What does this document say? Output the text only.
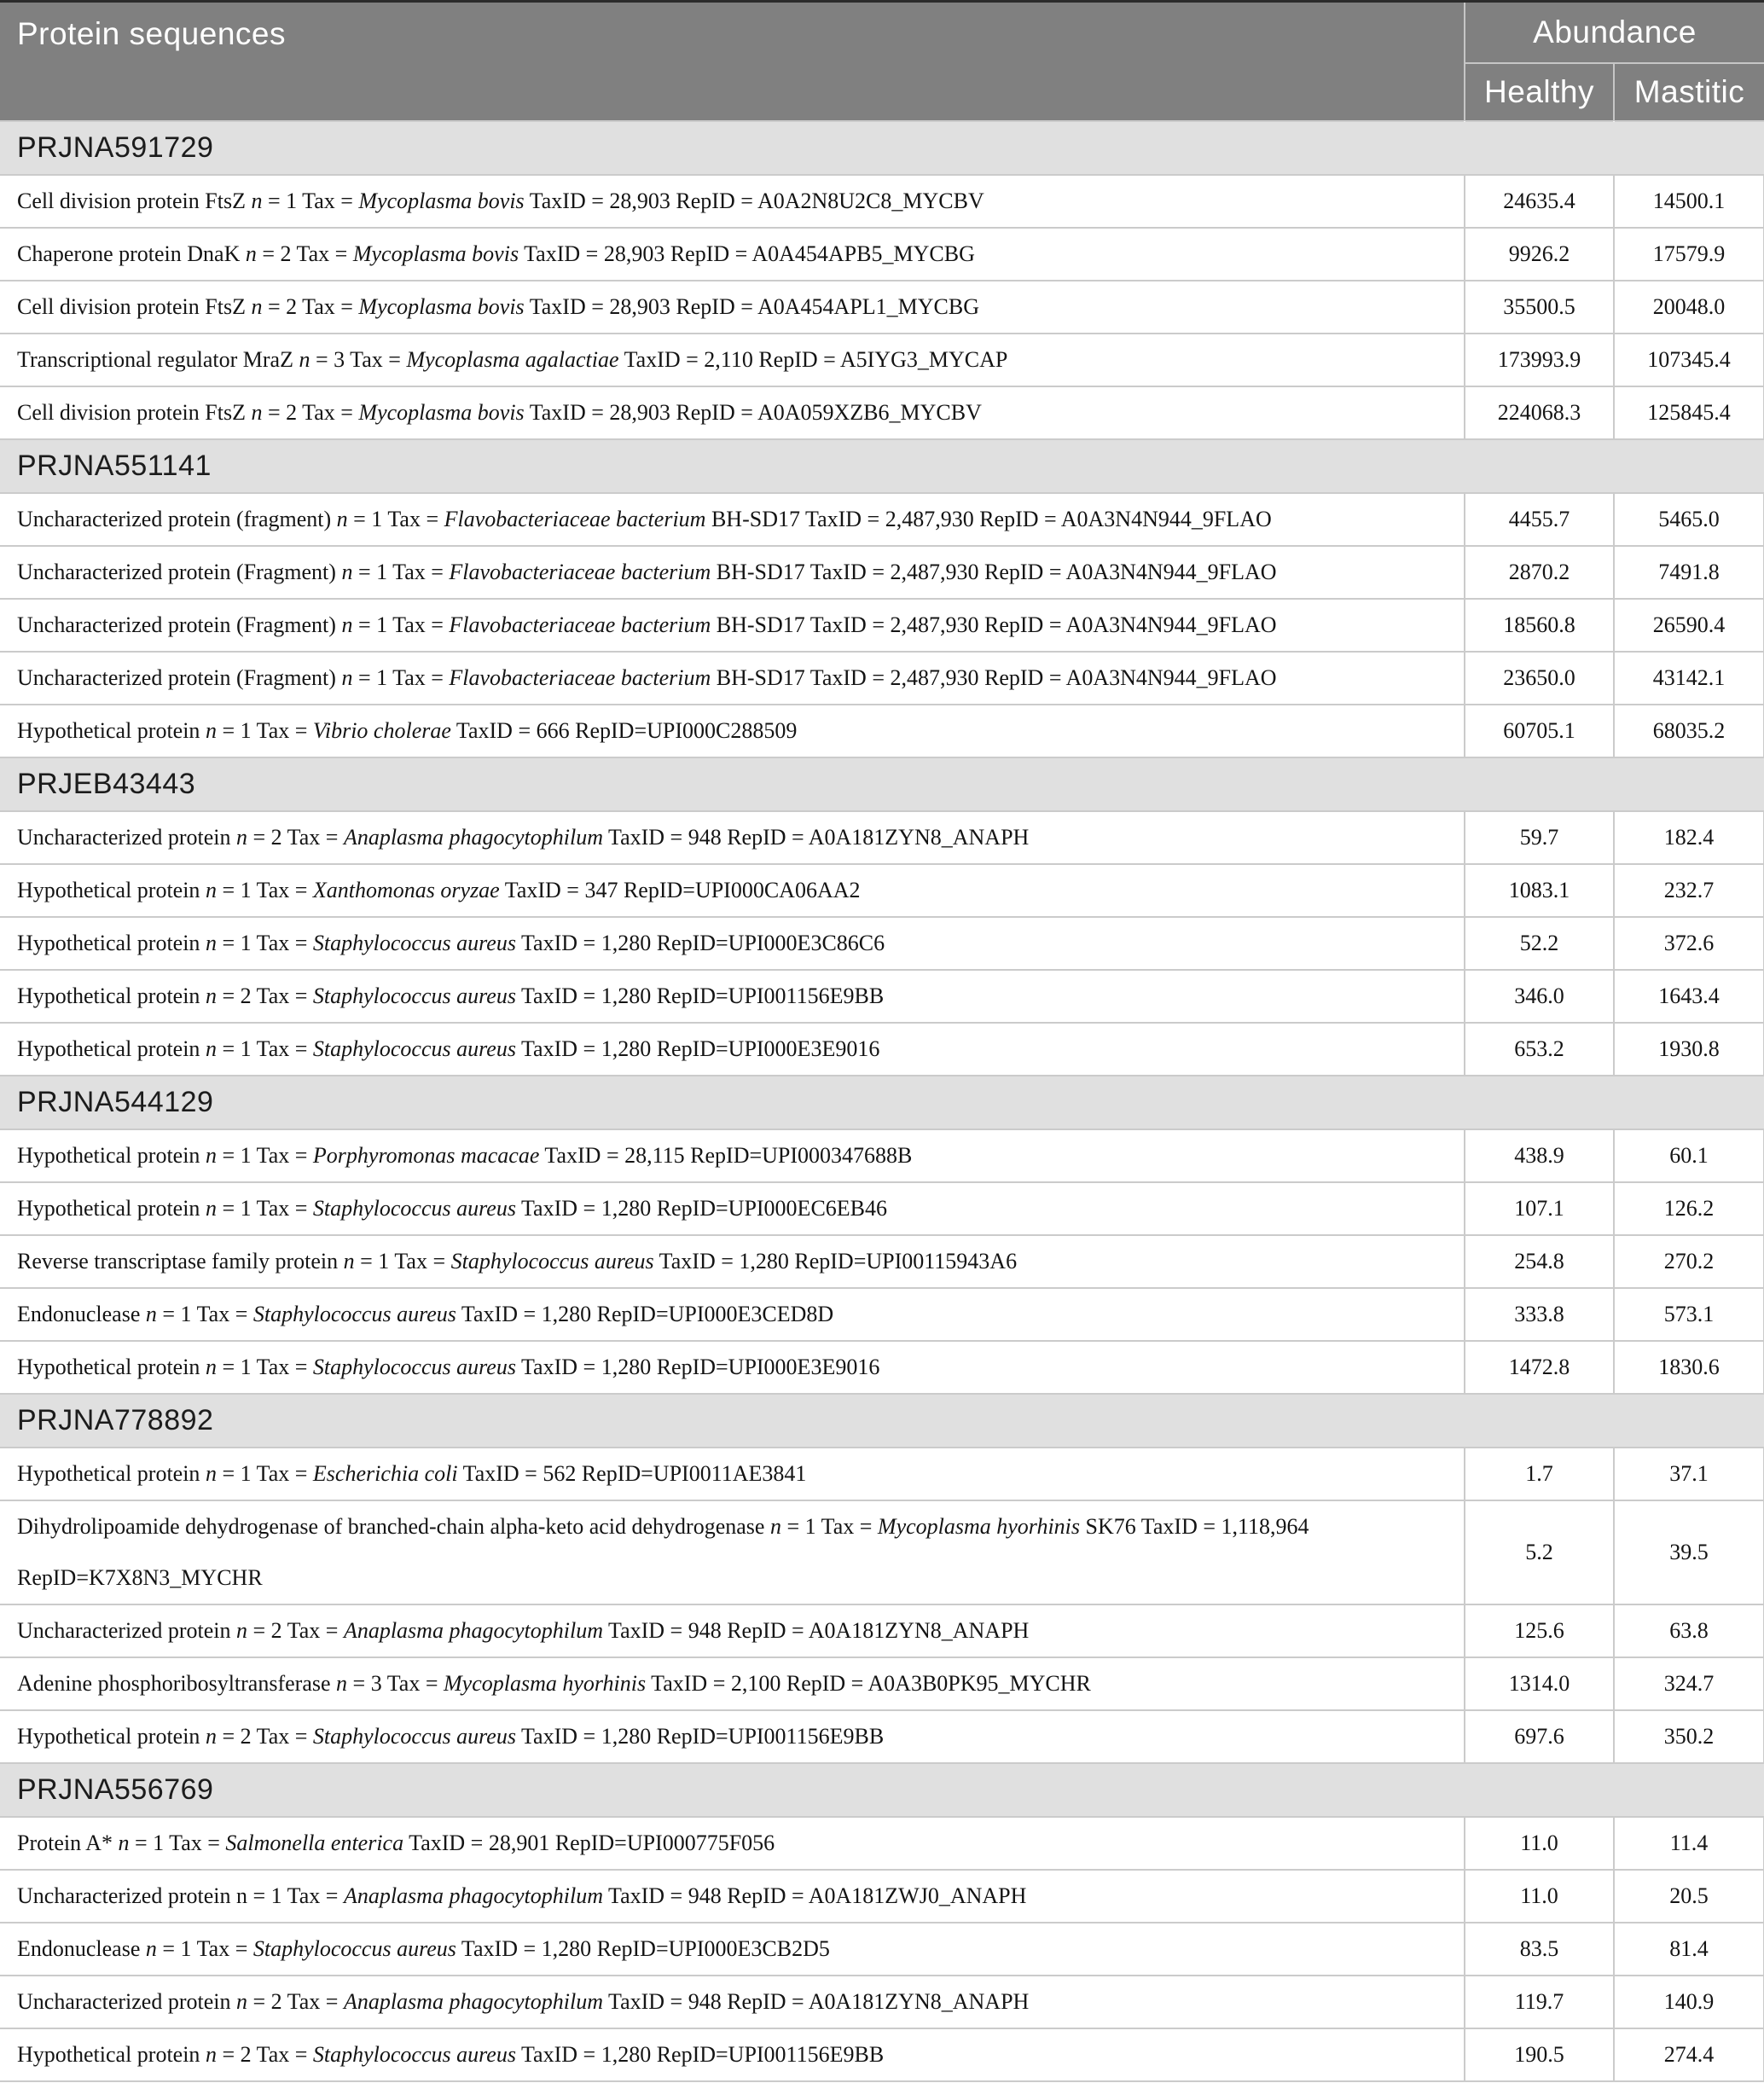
Protein sequences	Abundance	
	Healthy	Mastitic
PRJNA591729		
Cell division protein FtsZ n = 1 Tax = Mycoplasma bovis TaxID = 28,903 RepID = A0A2N8U2C8_MYCBV	24635.4	14500.1
Chaperone protein DnaK n = 2 Tax = Mycoplasma bovis TaxID = 28,903 RepID = A0A454APB5_MYCBG	9926.2	17579.9
Cell division protein FtsZ n = 2 Tax = Mycoplasma bovis TaxID = 28,903 RepID = A0A454APL1_MYCBG	35500.5	20048.0
Transcriptional regulator MraZ n = 3 Tax = Mycoplasma agalactiae TaxID = 2,110 RepID = A5IYG3_MYCAP	173993.9	107345.4
Cell division protein FtsZ n = 2 Tax = Mycoplasma bovis TaxID = 28,903 RepID = A0A059XZB6_MYCBV	224068.3	125845.4
PRJNA551141		
Uncharacterized protein (fragment) n = 1 Tax = Flavobacteriaceae bacterium BH-SD17 TaxID = 2,487,930 RepID = A0A3N4N944_9FLAO	4455.7	5465.0
Uncharacterized protein (Fragment) n = 1 Tax = Flavobacteriaceae bacterium BH-SD17 TaxID = 2,487,930 RepID = A0A3N4N944_9FLAO	2870.2	7491.8
Uncharacterized protein (Fragment) n = 1 Tax = Flavobacteriaceae bacterium BH-SD17 TaxID = 2,487,930 RepID = A0A3N4N944_9FLAO	18560.8	26590.4
Uncharacterized protein (Fragment) n = 1 Tax = Flavobacteriaceae bacterium BH-SD17 TaxID = 2,487,930 RepID = A0A3N4N944_9FLAO	23650.0	43142.1
Hypothetical protein n = 1 Tax = Vibrio cholerae TaxID = 666 RepID=UPI000C288509	60705.1	68035.2
PRJEB43443		
Uncharacterized protein n = 2 Tax = Anaplasma phagocytophilum TaxID = 948 RepID = A0A181ZYN8_ANAPH	59.7	182.4
Hypothetical protein n = 1 Tax = Xanthomonas oryzae TaxID = 347 RepID=UPI000CA06AA2	1083.1	232.7
Hypothetical protein n = 1 Tax = Staphylococcus aureus TaxID = 1,280 RepID=UPI000E3C86C6	52.2	372.6
Hypothetical protein n = 2 Tax = Staphylococcus aureus TaxID = 1,280 RepID=UPI001156E9BB	346.0	1643.4
Hypothetical protein n = 1 Tax = Staphylococcus aureus TaxID = 1,280 RepID=UPI000E3E9016	653.2	1930.8
PRJNA544129		
Hypothetical protein n = 1 Tax = Porphyromonas macacae TaxID = 28,115 RepID=UPI000347688B	438.9	60.1
Hypothetical protein n = 1 Tax = Staphylococcus aureus TaxID = 1,280 RepID=UPI000EC6EB46	107.1	126.2
Reverse transcriptase family protein n = 1 Tax = Staphylococcus aureus TaxID = 1,280 RepID=UPI00115943A6	254.8	270.2
Endonuclease n = 1 Tax = Staphylococcus aureus TaxID = 1,280 RepID=UPI000E3CED8D	333.8	573.1
Hypothetical protein n = 1 Tax = Staphylococcus aureus TaxID = 1,280 RepID=UPI000E3E9016	1472.8	1830.6
PRJNA778892		
Hypothetical protein n = 1 Tax = Escherichia coli TaxID = 562 RepID=UPI0011AE3841	1.7	37.1
Dihydrolipoamide dehydrogenase of branched-chain alpha-keto acid dehydrogenase n = 1 Tax = Mycoplasma hyorhinis SK76 TaxID = 1,118,964
RepID=K7X8N3_MYCHR	5.2	39.5
Uncharacterized protein n = 2 Tax = Anaplasma phagocytophilum TaxID = 948 RepID = A0A181ZYN8_ANAPH	125.6	63.8
Adenine phosphoribosyltransferase n = 3 Tax = Mycoplasma hyorhinis TaxID = 2,100 RepID = A0A3B0PK95_MYCHR	1314.0	324.7
Hypothetical protein n = 2 Tax = Staphylococcus aureus TaxID = 1,280 RepID=UPI001156E9BB	697.6	350.2
PRJNA556769		
Protein A* n = 1 Tax = Salmonella enterica TaxID = 28,901 RepID=UPI000775F056	11.0	11.4
Uncharacterized protein n = 1 Tax = Anaplasma phagocytophilum TaxID = 948 RepID = A0A181ZWJ0_ANAPH	11.0	20.5
Endonuclease n = 1 Tax = Staphylococcus aureus TaxID = 1,280 RepID=UPI000E3CB2D5	83.5	81.4
Uncharacterized protein n = 2 Tax = Anaplasma phagocytophilum TaxID = 948 RepID = A0A181ZYN8_ANAPH	119.7	140.9
Hypothetical protein n = 2 Tax = Staphylococcus aureus TaxID = 1,280 RepID=UPI001156E9BB	190.5	274.4
